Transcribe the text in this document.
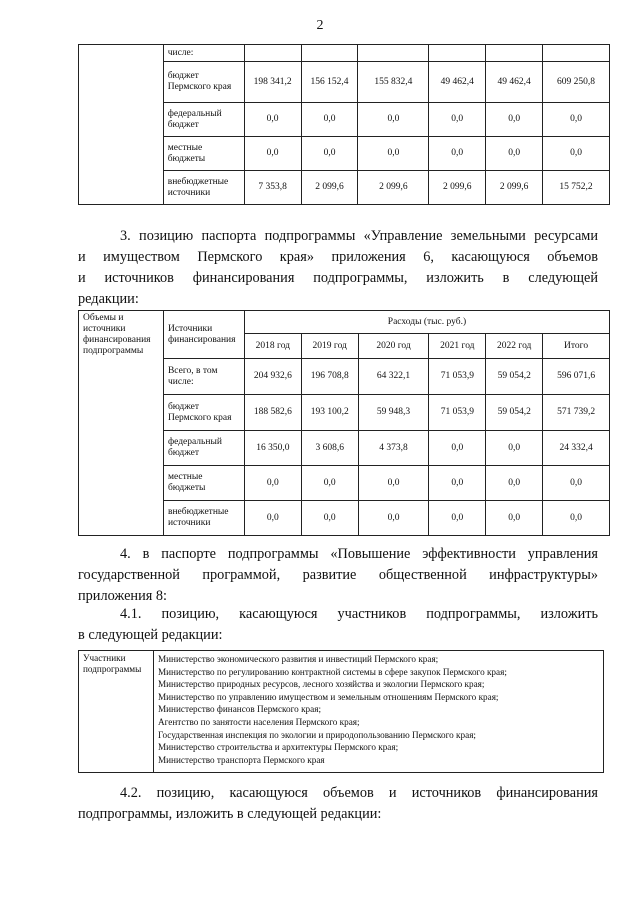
2
	числе:						
	бюджет Пермского края	198 341,2	156 152,4	155 832,4	49 462,4	49 462,4	609 250,8
	федеральный бюджет	0,0	0,0	0,0	0,0	0,0	0,0
	местные бюджеты	0,0	0,0	0,0	0,0	0,0	0,0
	внебюджетные источники	7 353,8	2 099,6	2 099,6	2 099,6	2 099,6	15 752,2

3. позицию паспорта подпрограммы «Управление земельными ресурсами

и имуществом Пермского края» приложения 6, касающуюся объемов

и источников финансирования подпрограммы, изложить в следующей

редакции:

Объемы и источники финансирования подпрограммы	Источники финансирования	Расходы (тыс. руб.)					
		2018 год	2019 год	2020 год	2021 год	2022 год	Итого
	Всего, в том числе:	204 932,6	196 708,8	64 322,1	71 053,9	59 054,2	596 071,6
	бюджет Пермского края	188 582,6	193 100,2	59 948,3	71 053,9	59 054,2	571 739,2
	федеральный бюджет	16 350,0	3 608,6	4 373,8	0,0	0,0	24 332,4
	местные бюджеты	0,0	0,0	0,0	0,0	0,0	0,0
	внебюджетные источники	0,0	0,0	0,0	0,0	0,0	0,0

4. в паспорте подпрограммы «Повышение эффективности управления

государственной программой, развитие общественной инфраструктуры»

приложения 8:

4.1. позицию, касающуюся участников подпрограммы, изложить

в следующей редакции:

Участники подпрограммы	
Министерство экономического развития и инвестиций Пермского края;
Министерство по регулированию контрактной системы в сфере закупок Пермского края;
Министерство природных ресурсов, лесного хозяйства и экологии Пермского края;
Министерство по управлению имуществом и земельным отношениям Пермского края;
Министерство финансов Пермского края;
Агентство по занятости населения Пермского края;
Государственная инспекция по экологии и природопользованию Пермского края;
Министерство строительства и архитектуры Пермского края;
Министерство транспорта Пермского края

4.2. позицию, касающуюся объемов и источников финансирования

подпрограммы, изложить в следующей редакции:
